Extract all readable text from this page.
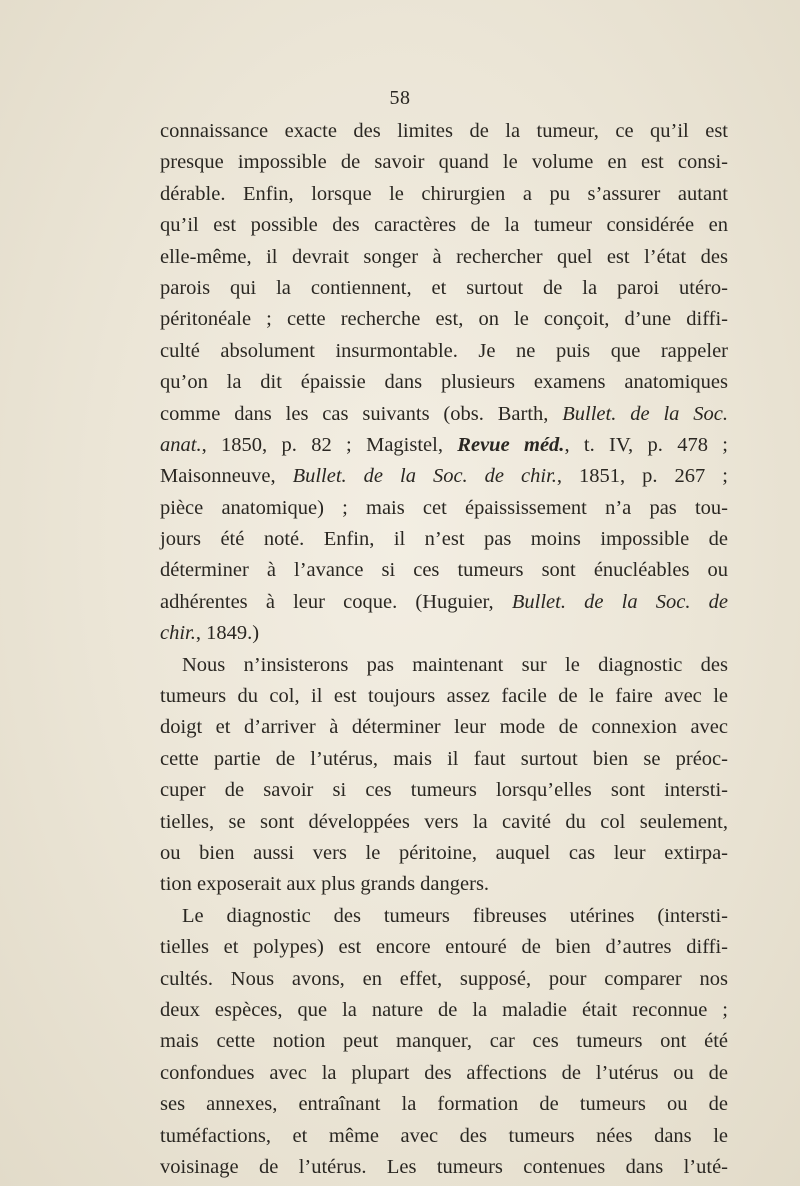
58
connaissance exacte des limites de la tumeur, ce qu’il est
presque impossible de savoir quand le volume en est consi-
dérable. Enfin, lorsque le chirurgien a pu s’assurer autant
qu’il est possible des caractères de la tumeur considérée en
elle-même, il devrait songer à rechercher quel est l’état des
parois qui la contiennent, et surtout de la paroi utéro-
péritonéale ; cette recherche est, on le conçoit, d’une diffi-
culté absolument insurmontable. Je ne puis que rappeler
qu’on la dit épaissie dans plusieurs examens anatomiques
comme dans les cas suivants (obs. Barth, Bullet. de la Soc.
anat., 1850, p. 82 ; Magistel, Revue méd., t. IV, p. 478 ;
Maisonneuve, Bullet. de la Soc. de chir., 1851, p. 267 ;
pièce anatomique) ; mais cet épaississement n’a pas tou-
jours été noté. Enfin, il n’est pas moins impossible de
déterminer à l’avance si ces tumeurs sont énucléables ou
adhérentes à leur coque. (Huguier, Bullet. de la Soc. de
chir., 1849.)
Nous n’insisterons pas maintenant sur le diagnostic des
tumeurs du col, il est toujours assez facile de le faire avec le
doigt et d’arriver à déterminer leur mode de connexion avec
cette partie de l’utérus, mais il faut surtout bien se préoc-
cuper de savoir si ces tumeurs lorsqu’elles sont intersti-
tielles, se sont développées vers la cavité du col seulement,
ou bien aussi vers le péritoine, auquel cas leur extirpa-
tion exposerait aux plus grands dangers.
Le diagnostic des tumeurs fibreuses utérines (intersti-
tielles et polypes) est encore entouré de bien d’autres diffi-
cultés. Nous avons, en effet, supposé, pour comparer nos
deux espèces, que la nature de la maladie était reconnue ;
mais cette notion peut manquer, car ces tumeurs ont été
confondues avec la plupart des affections de l’utérus ou de
ses annexes, entraînant la formation de tumeurs ou de
tuméfactions, et même avec des tumeurs nées dans le
voisinage de l’utérus. Les tumeurs contenues dans l’uté-
